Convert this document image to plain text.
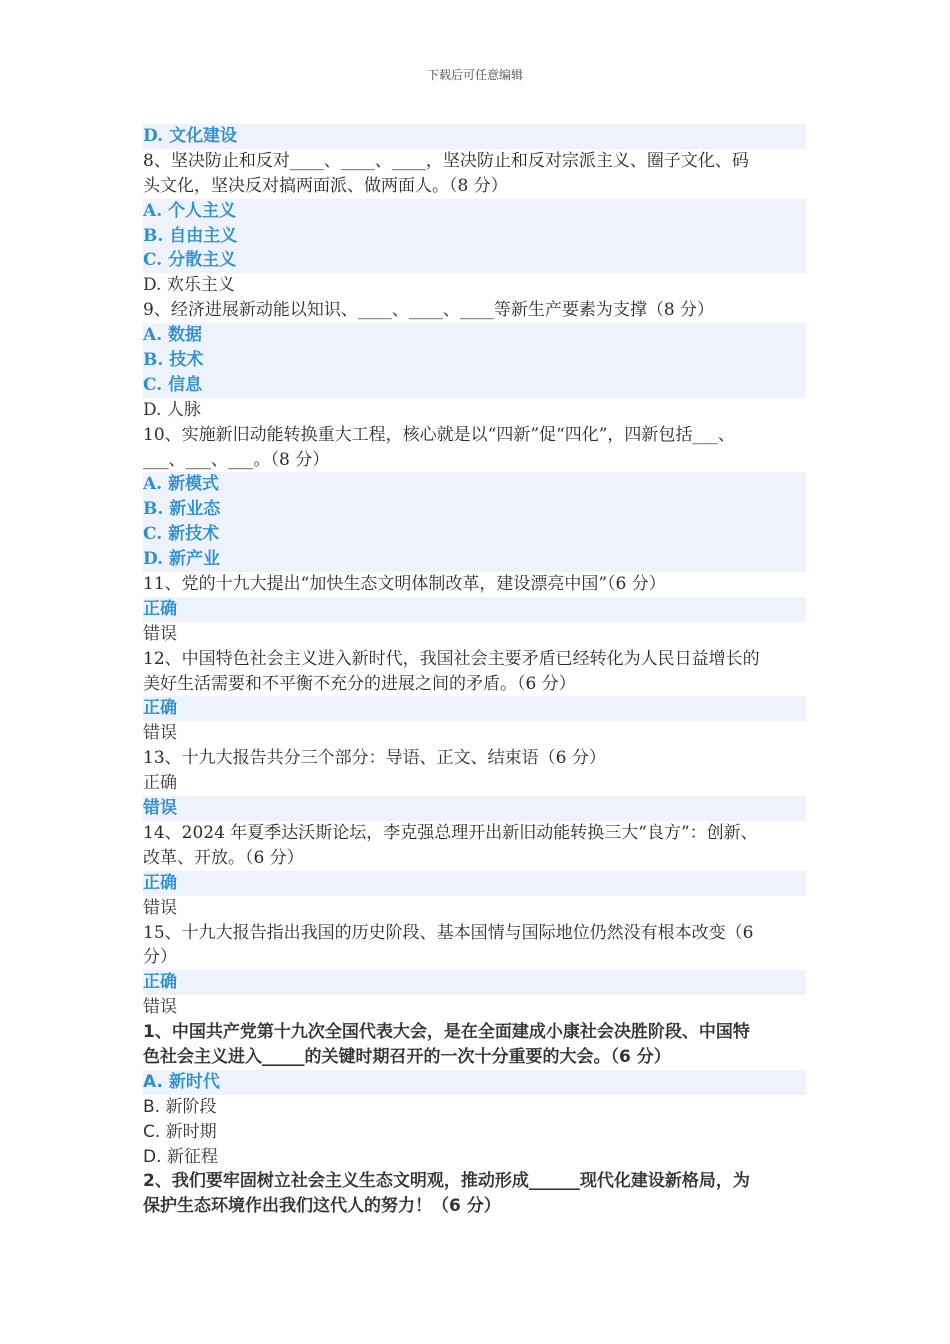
下载后可任意编辑
D. 文化建设
8、坚决防止和反对____、____、____，坚决防止和反对宗派主义、圈子文化、码
头文化，坚决反对搞两面派、做两面人。（8 分）
A. 个人主义
B. 自由主义
C. 分散主义
D. 欢乐主义
9、经济进展新动能以知识、____、____、____等新生产要素为支撑（8 分）
A. 数据
B. 技术
C. 信息
D. 人脉
10、实施新旧动能转换重大工程，核心就是以“四新”促“四化”，四新包括___、
___、___、___。（8 分）
A. 新模式
B. 新业态
C. 新技术
D. 新产业
11、党的十九大提出“加快生态文明体制改革，建设漂亮中国”（6 分）
正确
错误
12、中国特色社会主义进入新时代，我国社会主要矛盾已经转化为人民日益增长的
美好生活需要和不平衡不充分的进展之间的矛盾。（6 分）
正确
错误
13、十九大报告共分三个部分：导语、正文、结束语（6 分）
正确
错误
14、2024 年夏季达沃斯论坛，李克强总理开出新旧动能转换三大“良方”：创新、
改革、开放。（6 分）
正确
错误
15、十九大报告指出我国的历史阶段、基本国情与国际地位仍然没有根本改变（6
分）
正确
错误
1、中国共产党第十九次全国代表大会，是在全面建成小康社会决胜阶段、中国特
色社会主义进入_____的关键时期召开的一次十分重要的大会。（6 分）
A. 新时代
B. 新阶段
C. 新时期
D. 新征程
2、我们要牢固树立社会主义生态文明观，推动形成______现代化建设新格局，为
保护生态环境作出我们这代人的努力！（6 分）
